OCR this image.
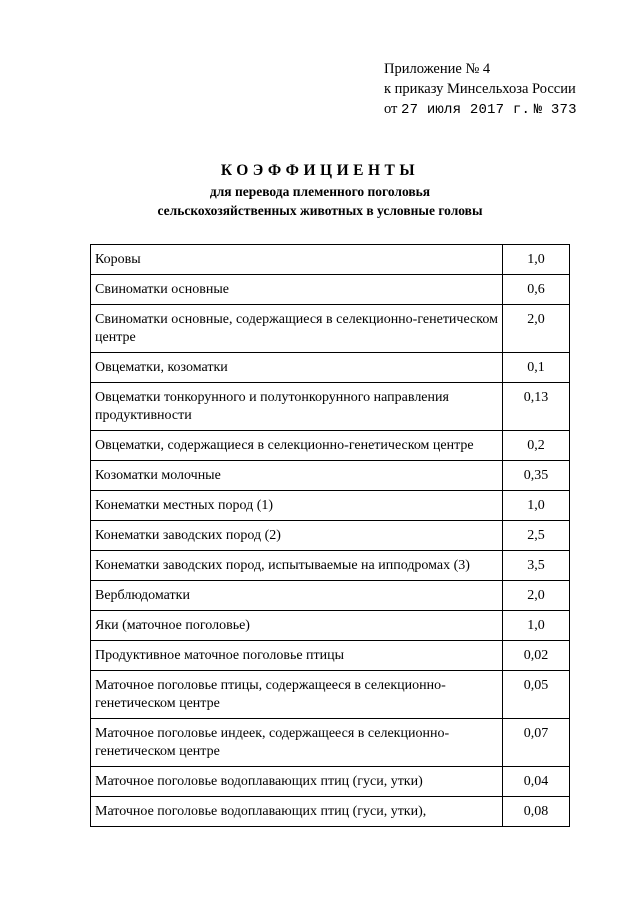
Приложение № 4
к приказу Минсельхоза России
от 27 июля 2017 г. № 373
КОЭФФИЦИЕНТЫ
для перевода племенного поголовья
сельскохозяйственных животных в условные головы
Коровы	1,0
Свиноматки основные	0,6
Свиноматки основные, содержащиеся в селекционно-генетическом центре	2,0
Овцематки, козоматки	0,1
Овцематки тонкорунного и полутонкорунного направления продуктивности	0,13
Овцематки, содержащиеся в селекционно-генетическом центре	0,2
Козоматки молочные	0,35
Конематки местных пород (1)	1,0
Конематки заводских пород (2)	2,5
Конематки заводских пород, испытываемые на ипподромах (3)	3,5
Верблюдоматки	2,0
Яки (маточное поголовье)	1,0
Продуктивное маточное поголовье птицы	0,02
Маточное поголовье птицы, содержащееся в селекционно-генетическом центре	0,05
Маточное поголовье индеек, содержащееся в селекционно-генетическом центре	0,07
Маточное поголовье водоплавающих птиц (гуси, утки)	0,04
Маточное поголовье водоплавающих птиц (гуси, утки),	0,08
